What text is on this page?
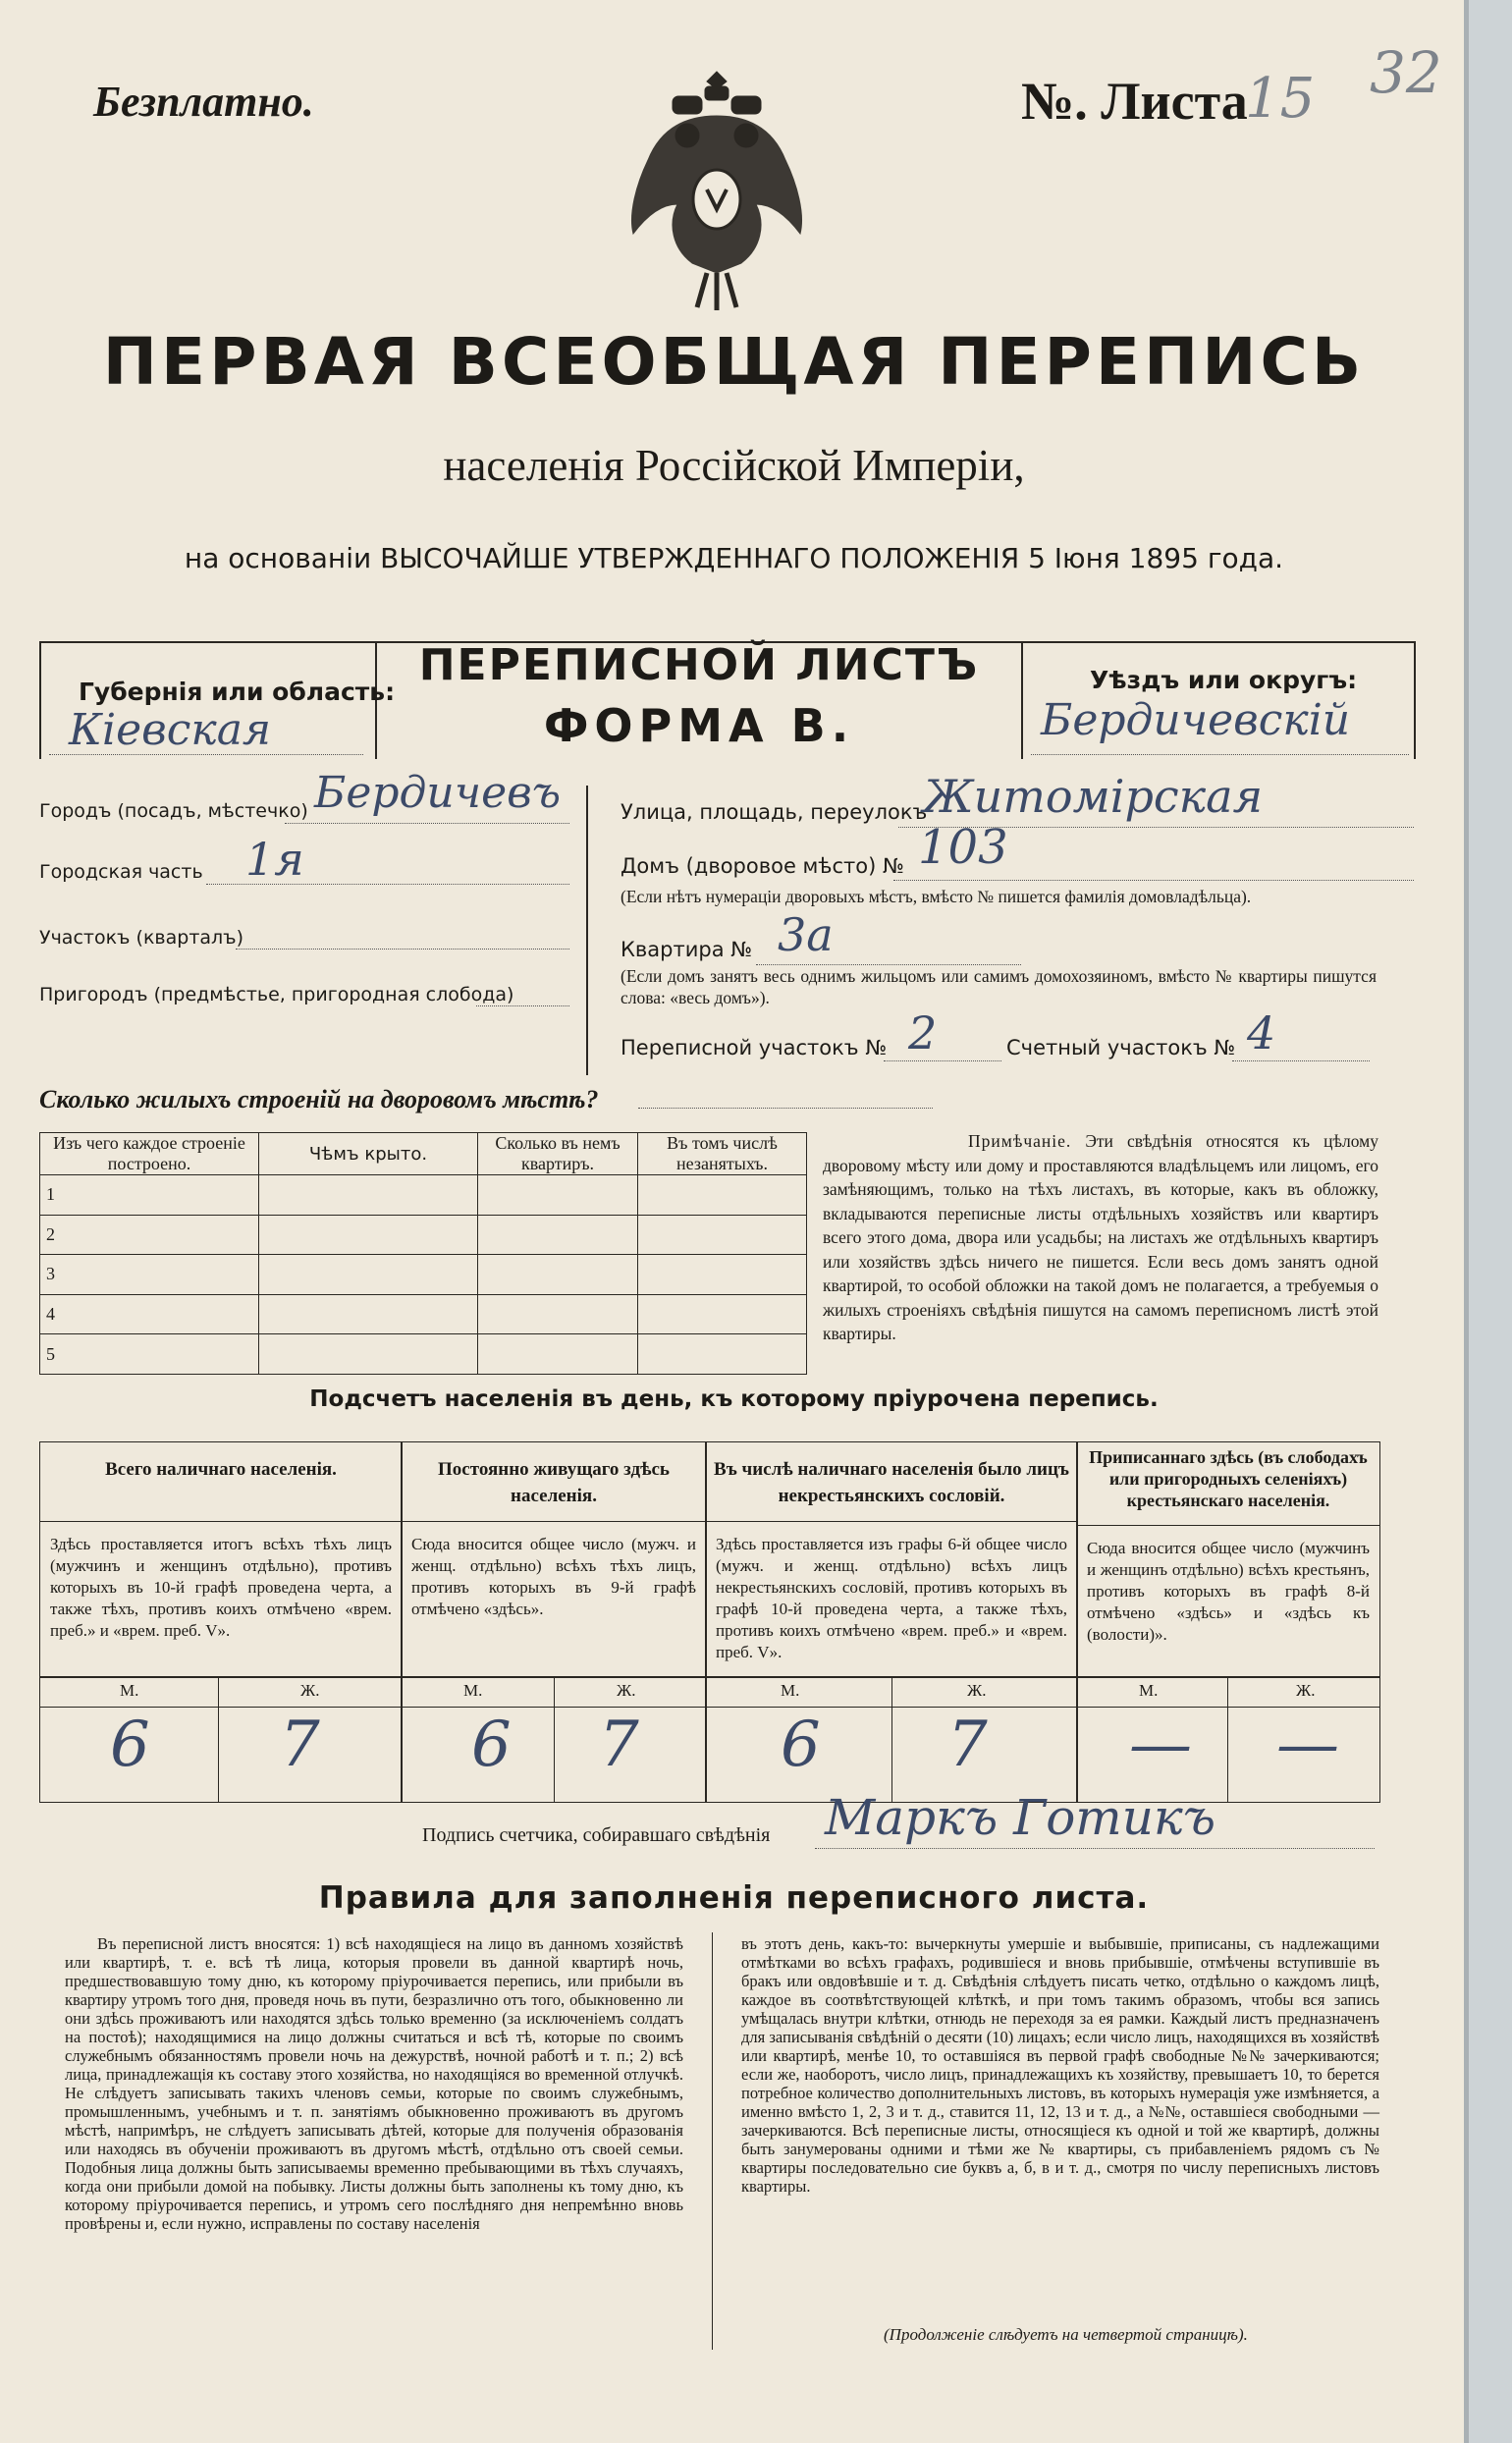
Безплатно.	№. Листа
15 32

ПЕРВАЯ ВСЕОБЩАЯ ПЕРЕПИСЬ
населенія Россійской Имперіи,
на основаніи ВЫСОЧАЙШЕ УТВЕРЖДЕННАГО ПОЛОЖЕНІЯ 5 Іюня 1895 года.
Губернія или область:
Кіевская
ПЕРЕПИСНОЙ ЛИСТЪ
ФОРМА В.
Уѣздъ или округъ:
Бердичевскій
Городъ (посадъ, мѣстечко) Бердичевъ
Городская часть 1я
Участокъ (кварталъ)
Пригородъ (предмѣстье, пригородная слобода)
Улица, площадь, переулокъ
Житомірская
Домъ (дворовое мѣсто) № 103
(Если нѣтъ нумераціи дворовыхъ мѣстъ, вмѣсто № пишется фамилія домовладѣльца).
Квартира № 3а
(Если домъ занятъ весь однимъ жильцомъ или самимъ домохозяиномъ, вмѣсто № квартиры пишутся слова: «весь домъ»).
Переписной участокъ № 2	Счетный участокъ № 4
Сколько жилыхъ строеній на дворовомъ мѣстѣ?
Изъ чего каждое строеніе построено.	Чѣмъ крыто.	Сколько въ немъ квартиръ.	Въ томъ числѣ незанятыхъ.
1			
2			
3			
4			
5			
Примѣчаніе. Эти свѣдѣнія относятся къ цѣлому дворовому мѣсту или дому и проставляются владѣльцемъ или лицомъ, его замѣняющимъ, только на тѣхъ листахъ, въ которые, какъ въ обложку, вкладываются переписные листы отдѣльныхъ хозяйствъ или квартиръ всего этого дома, двора или усадьбы; на листахъ же отдѣльныхъ квартиръ или хозяйствъ здѣсь ничего не пишется. Если весь домъ занятъ одной квартирой, то особой обложки на такой домъ не полагается, а требуемыя о жилыхъ строеніяхъ свѣдѣнія пишутся на самомъ переписномъ листѣ этой квартиры.
Подсчетъ населенія въ день, къ которому пріурочена перепись.
Всего наличнаго населенія.
Здѣсь проставляется итогъ всѣхъ тѣхъ лицъ (мужчинъ и женщинъ отдѣльно), противъ которыхъ въ 10-й графѣ проведена черта, а также тѣхъ, противъ коихъ отмѣчено «врем. преб.» и «врем. преб. V».
Постоянно живущаго здѣсь населенія.
Сюда вносится общее число (мужч. и женщ. отдѣльно) всѣхъ тѣхъ лицъ, противъ которыхъ въ 9-й графѣ отмѣчено «здѣсь».
Въ числѣ наличнаго населенія было лицъ некрестьянскихъ сословій.
Здѣсь проставляется изъ графы 6-й общее число (мужч. и женщ. отдѣльно) всѣхъ лицъ некрестьянскихъ сословій, противъ которыхъ въ графѣ 10-й проведена черта, а также тѣхъ, противъ коихъ отмѣчено «врем. преб.» и «врем. преб. V».
Приписаннаго здѣсь (въ слободахъ или пригородныхъ селеніяхъ) крестьянскаго населенія.
Сюда вносится общее число (мужчинъ и женщинъ отдѣльно) всѣхъ крестьянъ, противъ которыхъ въ графѣ 8-й отмѣчено «здѣсь» и «здѣсь къ (волости)».
М.	Ж.	М.	Ж.	М.	Ж.	М.	Ж.
6 7 6 7 6 7 — —
Подпись счетчика, собиравшаго свѣдѣнія Маркъ Готикъ
Правила для заполненія переписного листа.
Въ переписной листъ вносятся: 1) всѣ находящіеся на лицо въ данномъ хозяйствѣ или квартирѣ, т. е. всѣ тѣ лица, которыя провели въ данной квартирѣ ночь, предшествовавшую тому дню, къ которому пріурочивается перепись, или прибыли въ квартиру утромъ того дня, проведя ночь въ пути, безразлично отъ того, обыкновенно ли они здѣсь проживаютъ или находятся здѣсь только временно (за исключеніемъ солдатъ на постоѣ); находящимися на лицо должны считаться и всѣ тѣ, которые по своимъ служебнымъ обязанностямъ провели ночь на дежурствѣ, ночной работѣ и т. п.; 2) всѣ лица, принадлежащія къ составу этого хозяйства, но находящіяся во временной отлучкѣ. Не слѣдуетъ записывать такихъ членовъ семьи, которые по своимъ служебнымъ, промышленнымъ, учебнымъ и т. п. занятіямъ обыкновенно проживаютъ въ другомъ мѣстѣ, напримѣръ, не слѣдуетъ записывать дѣтей, которые для полученія образованія или находясь въ обученіи проживаютъ въ другомъ мѣстѣ, отдѣльно отъ своей семьи. Подобныя лица должны быть записываемы временно пребывающими въ тѣхъ случаяхъ, когда они прибыли домой на побывку. Листы должны быть заполнены къ тому дню, къ которому пріурочивается перепись, и утромъ сего послѣдняго дня непремѣнно вновь провѣрены и, если нужно, исправлены по составу населенія
въ этотъ день, какъ-то: вычеркнуты умершіе и выбывшіе, приписаны, съ надлежащими отмѣтками во всѣхъ графахъ, родившіеся и вновь прибывшіе, отмѣчены вступившіе въ бракъ или овдовѣвшіе и т. д. Свѣдѣнія слѣдуетъ писать четко, отдѣльно о каждомъ лицѣ, каждое въ соотвѣтствующей клѣткѣ, и при томъ такимъ образомъ, чтобы вся запись умѣщалась внутри клѣтки, отнюдь не переходя за ея рамки. Каждый листъ предназначенъ для записыванія свѣдѣній о десяти (10) лицахъ; если число лицъ, находящихся въ хозяйствѣ или квартирѣ, менѣе 10, то оставшіяся въ первой графѣ свободные №№ зачеркиваются; если же, наоборотъ, число лицъ, принадлежащихъ къ хозяйству, превышаетъ 10, то берется потребное количество дополнительныхъ листовъ, въ которыхъ нумерація уже измѣняется, а именно вмѣсто 1, 2, 3 и т. д., ставится 11, 12, 13 и т. д., а №№, оставшіеся свободными — зачеркиваются. Всѣ переписные листы, относящіеся къ одной и той же квартирѣ, должны быть занумерованы одними и тѣми же № квартиры, съ прибавленіемъ рядомъ съ № квартиры последовательно сие буквъ а, б, в и т. д., смотря по числу переписныхъ листовъ квартиры.
(Продолженіе слѣдуетъ на четвертой страницѣ).
